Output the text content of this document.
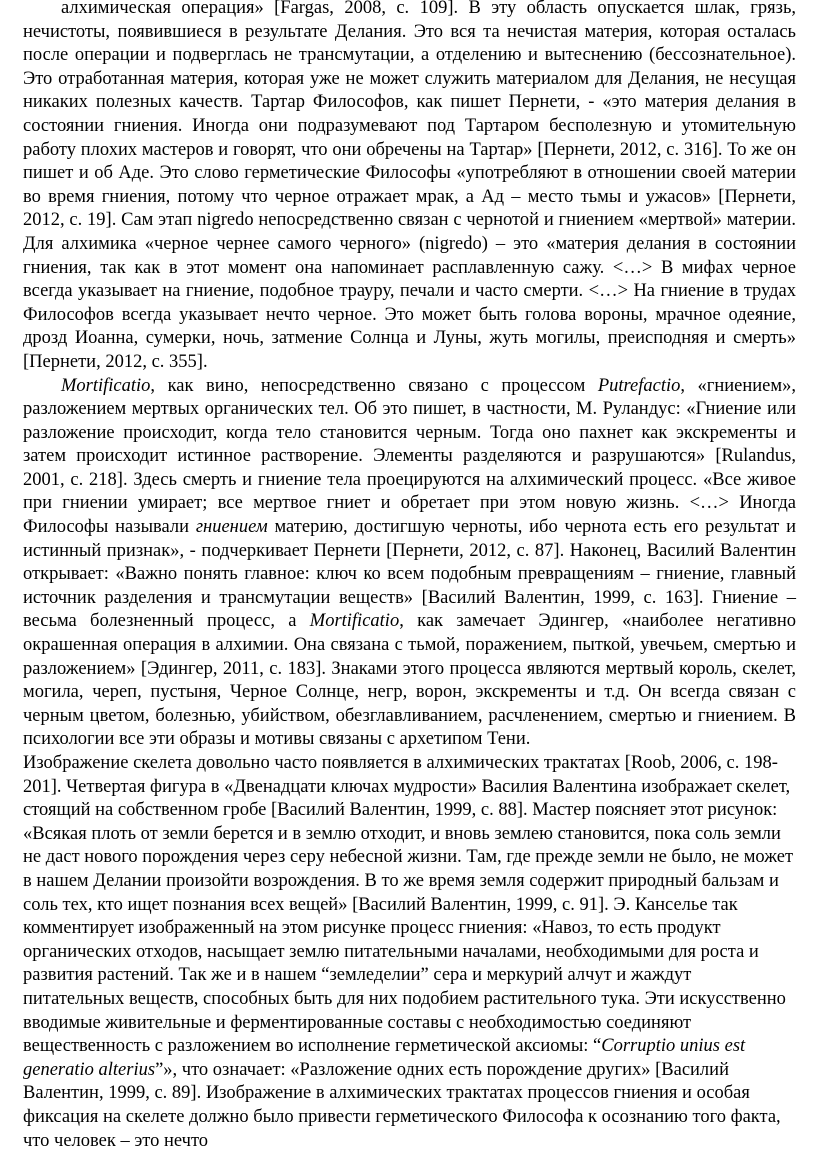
алхимическая операция» [Fargas, 2008, с. 109]. В эту область опускается шлак, грязь, нечистоты, появившиеся в результате Делания. Это вся та нечистая материя, которая осталась после операции и подверглась не трансмутации, а отделению и вытеснению (бессознательное). Это отработанная материя, которая уже не может служить материалом для Делания, не несущая никаких полезных качеств. Тартар Философов, как пишет Пернети, - «это материя делания в состоянии гниения. Иногда они подразумевают под Тартаром бесполезную и утомительную работу плохих мастеров и говорят, что они обречены на Тартар» [Пернети, 2012, с. 316]. То же он пишет и об Аде. Это слово герметические Философы «употребляют в отношении своей материи во время гниения, потому что черное отражает мрак, а Ад – место тьмы и ужасов» [Пернети, 2012, с. 19]. Сам этап nigredo непосредственно связан с чернотой и гниением «мертвой» материи. Для алхимика «черное чернее самого черного» (nigredo) – это «материя делания в состоянии гниения, так как в этот момент она напоминает расплавленную сажу. <…> В мифах черное всегда указывает на гниение, подобное трауру, печали и часто смерти. <…> На гниение в трудах Философов всегда указывает нечто черное. Это может быть голова вороны, мрачное одеяние, дрозд Иоанна, сумерки, ночь, затмение Солнца и Луны, жуть могилы, преисподняя и смерть» [Пернети, 2012, с. 355].

Mortificatio, как вино, непосредственно связано с процессом Putrefactio, «гниением», разложением мертвых органических тел. Об это пишет, в частности, М. Руландус: «Гниение или разложение происходит, когда тело становится черным. Тогда оно пахнет как экскременты и затем происходит истинное растворение. Элементы разделяются и разрушаются» [Rulandus, 2001, с. 218]. Здесь смерть и гниение тела проецируются на алхимический процесс. «Все живое при гниении умирает; все мертвое гниет и обретает при этом новую жизнь. <…> Иногда Философы называли гниением материю, достигшую черноты, ибо чернота есть его результат и истинный признак», - подчеркивает Пернети [Пернети, 2012, с. 87]. Наконец, Василий Валентин открывает: «Важно понять главное: ключ ко всем подобным превращениям – гниение, главный источник разделения и трансмутации веществ» [Василий Валентин, 1999, с. 163]. Гниение – весьма болезненный процесс, а Mortificatio, как замечает Эдингер, «наиболее негативно окрашенная операция в алхимии. Она связана с тьмой, поражением, пыткой, увечьем, смертью и разложением» [Эдингер, 2011, с. 183]. Знаками этого процесса являются мертвый король, скелет, могила, череп, пустыня, Черное Солнце, негр, ворон, экскременты и т.д. Он всегда связан с черным цветом, болезнью, убийством, обезглавливанием, расчленением, смертью и гниением. В психологии все эти образы и мотивы связаны с архетипом Тени.

Изображение скелета довольно часто появляется в алхимических трактатах [Roob, 2006, с. 198-201]. Четвертая фигура в «Двенадцати ключах мудрости» Василия Валентина изображает скелет, стоящий на собственном гробе [Василий Валентин, 1999, с. 88]. Мастер поясняет этот рисунок: «Всякая плоть от земли берется и в землю отходит, и вновь землею становится, пока соль земли не даст нового порождения через серу небесной жизни. Там, где прежде земли не было, не может в нашем Делании произойти возрождения. В то же время земля содержит природный бальзам и соль тех, кто ищет познания всех вещей» [Василий Валентин, 1999, с. 91]. Э. Канселье так комментирует изображенный на этом рисунке процесс гниения: «Навоз, то есть продукт органических отходов, насыщает землю питательными началами, необходимыми для роста и развития растений. Так же и в нашем “земледелии” сера и меркурий алчут и жаждут питательных веществ, способных быть для них подобием растительного тука. Эти искусственно вводимые живительные и ферментированные составы с необходимостью соединяют вещественность с разложением во исполнение герметической аксиомы: “Corruptio unius est generatio alterius”», что означает: «Разложение одних есть порождение других» [Василий Валентин, 1999, с. 89]. Изображение в алхимических трактатах процессов гниения и особая фиксация на скелете должно было привести герметического Философа к осознанию того факта, что человек – это нечто
